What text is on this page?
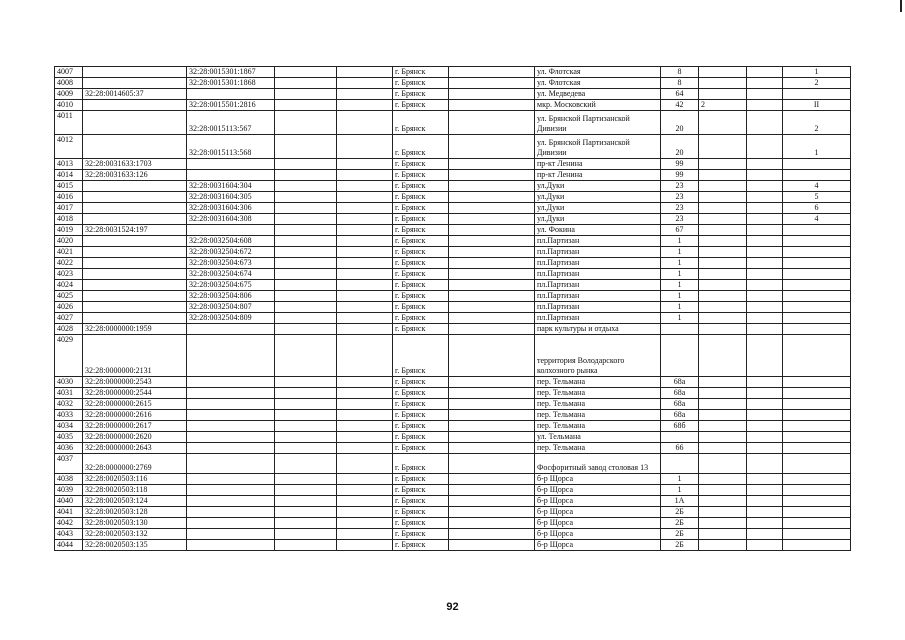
4007		32:28:0015301:1867			г. Брянск		ул. Флотская	8			1
4008		32:28:0015301:1868			г. Брянск		ул. Флотская	8			2
4009	32:28:0014605:37				г. Брянск		ул. Медведева	64			
4010		32:28:0015501:2816			г. Брянск		мкр. Московский	42	2		II
4011		32:28:0015113:567			г. Брянск		ул. Брянской Партизанской Дивизии	20			2
4012		32:28:0015113:568			г. Брянск		ул. Брянской Партизанской Дивизии	20			1
4013	32:28:0031633:1703				г. Брянск		пр-кт Ленина	99			
4014	32:28:0031633:126				г. Брянск		пр-кт Ленина	99			
4015		32:28:0031604:304			г. Брянск		ул.Дуки	23			4
4016		32:28:0031604:305			г. Брянск		ул.Дуки	23			5
4017		32:28:0031604:306			г. Брянск		ул.Дуки	23			6
4018		32:28:0031604:308			г. Брянск		ул.Дуки	23			4
4019	32:28:0031524:197				г. Брянск		ул. Фокина	67			
4020		32:28:0032504:608			г. Брянск		пл.Партизан	1			
4021		32:28:0032504:672			г. Брянск		пл.Партизан	1			
4022		32:28:0032504:673			г. Брянск		пл.Партизан	1			
4023		32:28:0032504:674			г. Брянск		пл.Партизан	1			
4024		32:28:0032504:675			г. Брянск		пл.Партизан	1			
4025		32:28:0032504:806			г. Брянск		пл.Партизан	1			
4026		32:28:0032504:807			г. Брянск		пл.Партизан	1			
4027		32:28:0032504:809			г. Брянск		пл.Партизан	1			
4028	32:28:0000000:1959				г. Брянск		парк культуры и отдыха				
4029	32:28:0000000:2131				г. Брянск		территория Володарского колхозного рынка				
4030	32:28:0000000:2543				г. Брянск		пер. Тельмана	68а			
4031	32:28:0000000:2544				г. Брянск		пер. Тельмана	68а			
4032	32:28:0000000:2615				г. Брянск		пер. Тельмана	68а			
4033	32:28:0000000:2616				г. Брянск		пер. Тельмана	68а			
4034	32:28:0000000:2617				г. Брянск		пер. Тельмана	68б			
4035	32:28:0000000:2620				г. Брянск		ул. Тельмана				
4036	32:28:0000000:2643				г. Брянск		пер. Тельмана	66			
4037	32:28:0000000:2769				г. Брянск		Фосфоритный завод столовая 13				
4038	32:28:0020503:116				г. Брянск		б-р Щорса	1			
4039	32:28:0020503:118				г. Брянск		б-р Щорса	1			
4040	32:28:0020503:124				г. Брянск		б-р Щорса	1А			
4041	32:28:0020503:128				г. Брянск		б-р Щорса	2Б			
4042	32:28:0020503:130				г. Брянск		б-р Щорса	2Б			
4043	32:28:0020503:132				г. Брянск		б-р Щорса	2Б			
4044	32:28:0020503:135				г. Брянск		б-р Щорса	2Б			
92
